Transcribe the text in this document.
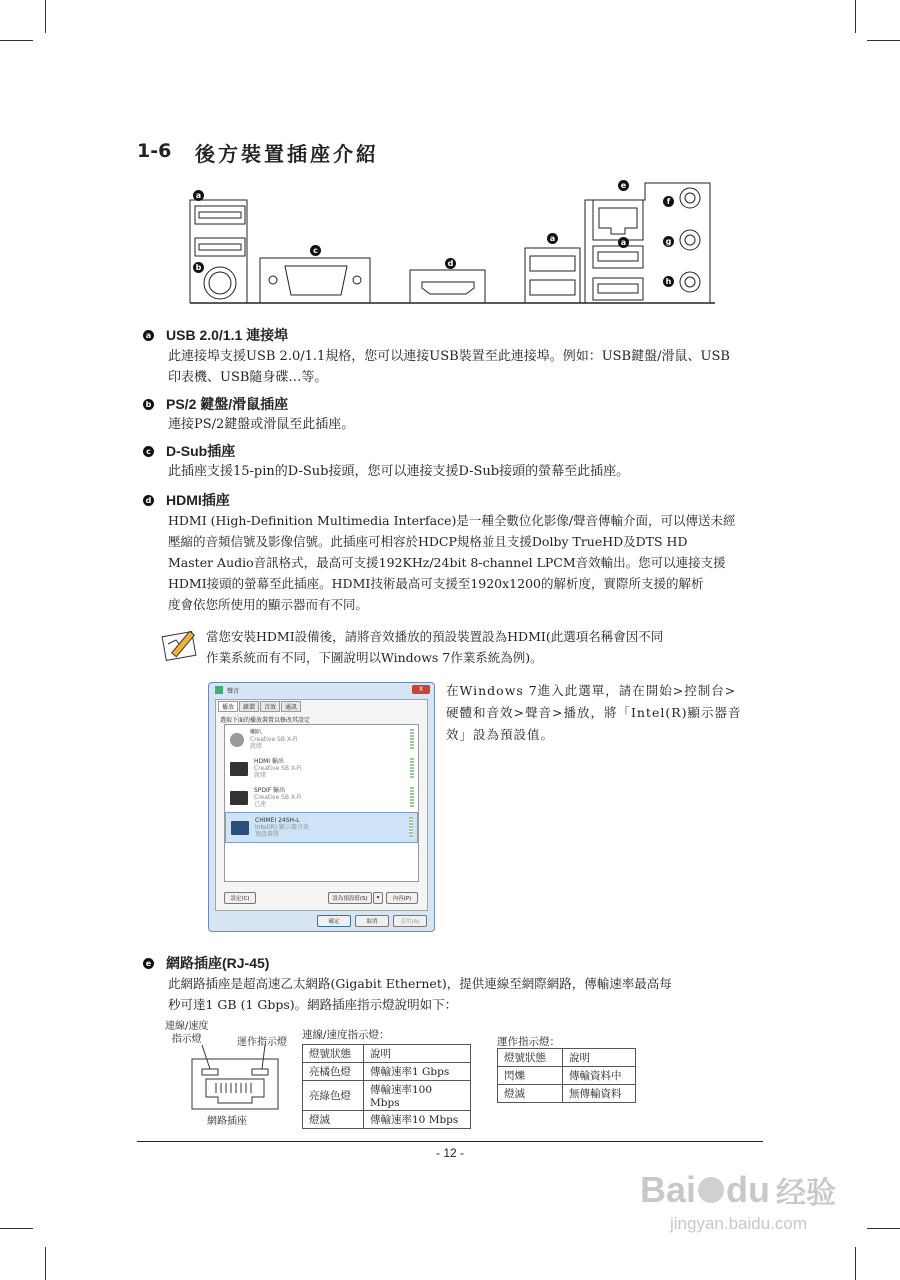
1-6 後方裝置插座介紹
a
b
c
d
a
e
a
f
g
h
a USB 2.0/1.1 連接埠
此連接埠支援USB 2.0/1.1規格，您可以連接USB裝置至此連接埠。例如：USB鍵盤/滑鼠、USB
印表機、USB隨身碟…等。
b PS/2 鍵盤/滑鼠插座
連接PS/2鍵盤或滑鼠至此插座。
c D-Sub插座
此插座支援15-pin的D-Sub接頭，您可以連接支援D-Sub接頭的螢幕至此插座。
d HDMI插座
HDMI (High-Definition Multimedia Interface)是一種全數位化影像/聲音傳輸介面，可以傳送未經
壓縮的音頻信號及影像信號。此插座可相容於HDCP規格並且支援Dolby TrueHD及DTS HD
Master Audio音訊格式，最高可支援192KHz/24bit 8-channel LPCM音效輸出。您可以連接支援
HDMI接頭的螢幕至此插座。HDMI技術最高可支援至1920x1200的解析度，實際所支援的解析
度會依您所使用的顯示器而有不同。
當您安裝HDMI設備後，請將音效播放的預設裝置設為HDMI(此選項名稱會因不同
作業系統而有不同，下圖說明以Windows 7作業系統為例)。
聲音	X
播放	錄製	音效	通訊
選取下面的播放裝置以修改其設定
喇叭
Creative SB X-Fi
就緒
HDMI 輸出
Creative SB X-Fi
就緒
SPDIF 輸出
Creative SB X-Fi
已連
CHIMEI 24SH-L
Intel(R) 顯示器音效
預設裝置
設定(C)	設為預設值(S)	▾	內容(P)
確定	取消	套用(A)
在Windows 7進入此選單，請在開始>控制台>
硬體和音效>聲音>播放，將「Intel(R)顯示器音
效」設為預設值。
e 網路插座(RJ-45)
此網路插座是超高速乙太網路(Gigabit Ethernet)，提供連線至網際網路，傳輸速率最高每
秒可達1 GB (1 Gbps)。網路插座指示燈說明如下：
連線/速度
指示燈	運作指示燈
網路插座
連線/速度指示燈：
燈號狀態	說明
亮橘色燈	傳輸速率1 Gbps
亮綠色燈	傳輸速率100 Mbps
燈滅	傳輸速率10 Mbps
運作指示燈：
燈號狀態	說明
閃爍	傳輸資料中
燈滅	無傳輸資料
- 12 -
Bai du 经验
jingyan.baidu.com
